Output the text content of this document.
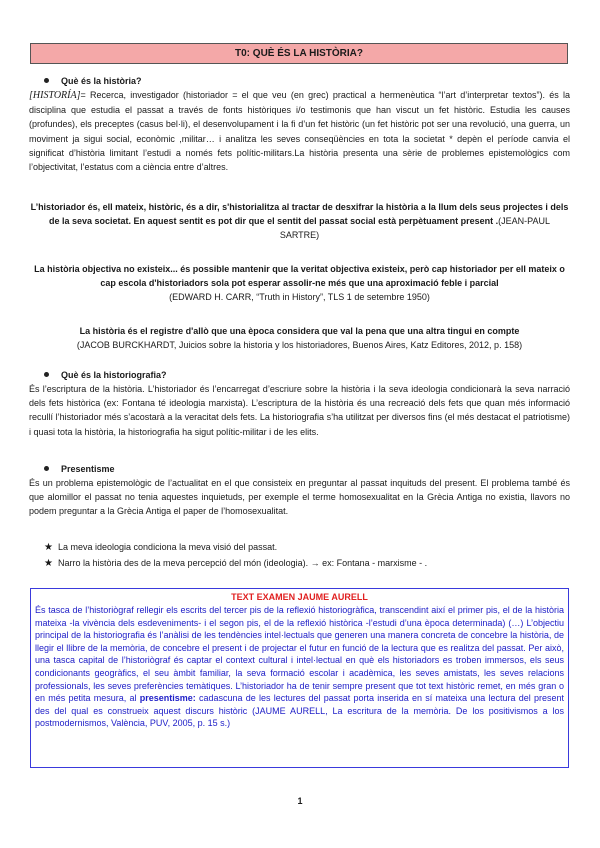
T0: QUÈ ÉS LA HISTÒRIA?
Què és la història?
[HISTORÍA]= Recerca, investigador (historiador = el que veu (en grec) practical a hermenèutica “l’art d’interpretar textos”). és la disciplina que estudia el passat a través de fonts històriques i/o testimonis que han viscut un fet històric. Estudia les causes (profundes), els preceptes (casus bel·li), el desenvolupament i la fi d’un fet històric (un fet històric pot ser una revolució, una guerra, un moviment ja sigui social, econòmic ,militar… i analitza les seves conseqüències en tota la societat * depèn el període canvia el significat d’història limitant l’estudi a només fets polític-militars.La història presenta una sèrie de problemes epistemològics com l’objectivitat, l’estatus com a ciència entre d’altres.
L’historiador és, ell mateix, històric, és a dir, s'historialitza al tractar de desxifrar la història a la llum dels seus projectes i dels de la seva societat. En aquest sentit es pot dir que el sentit del passat social està perpètuament present .(JEAN-PAUL SARTRE)
La història objectiva no existeix... és possible mantenir que la veritat objectiva existeix, però cap historiador per ell mateix o cap escola d'historiadors sola pot esperar assolir-ne més que una aproximació feble i parcial
(EDWARD H. CARR, “Truth in History”, TLS 1 de setembre 1950)
La història és el registre d'allò que una època considera que val la pena que una altra tingui en compte
(JACOB BURCKHARDT, Juicios sobre la historia y los historiadores, Buenos Aires, Katz Editores, 2012, p. 158)
Què és la historiografia?
És l’escriptura de la història. L’historiador és l’encarregat d’escriure sobre la història i la seva ideologia condicionarà la seva narració dels fets històrica (ex: Fontana té ideologia marxista). L’escriptura de la història és una recreació dels fets que quan més informació recullí l’historiador més s’acostarà a la veracitat dels fets. La historiografia s’ha utilitzat per diversos fins (el més destacat el patriotisme) i quasi tota la història, la historiografia ha sigut polític-militar i de les elits.
Presentisme
És un problema epistemològic de l’actualitat en el que consisteix en preguntar al passat inquituds del present. El problema també és que alomillor el passat no tenia aquestes inquietuds, per exemple el terme homosexualitat en la Grècia Antiga no existia, llavors no podem preguntar a la Grècia Antiga el paper de l’homosexualitat.
★ La meva ideologia condiciona la meva visió del passat.
★ Narro la història des de la meva percepció del món (ideologia). → ex: Fontana - marxisme - .
TEXT EXAMEN JAUME AURELL
És tasca de l’historiògraf rellegir els escrits del tercer pis de la reflexió historiogràfica, transcendint així el primer pis, el de la història mateixa -la vivència dels esdeveniments- i el segon pis, el de la reflexió històrica -l’estudi d’una època determinada) (…) L’objectiu principal de la historiografia és l’anàlisi de les tendències intel·lectuals que generen una manera concreta de concebre la història, de llegir el llibre de la memòria, de concebre el present i de projectar el futur en funció de la lectura que es realitza del passat. Per això, una tasca capital de l’historiògraf és captar el context cultural i intel·lectual en què els historiadors es troben immersos, els seus condicionants geogràfics, el seu àmbit familiar, la seva formació escolar i acadèmica, les seves amistats, les seves relacions professionals, les seves preferències temàtiques. L’historiador ha de tenir sempre present que tot text històric remet, en més gran o en més petita mesura, al presentisme: cadascuna de les lectures del passat porta inserida en sí mateixa una lectura del present des del qual es construeix aquest discurs històric (JAUME AURELL, La escritura de la memòria. De los positivismos a los postmodernismos, València, PUV, 2005, p. 15 s.)
1
